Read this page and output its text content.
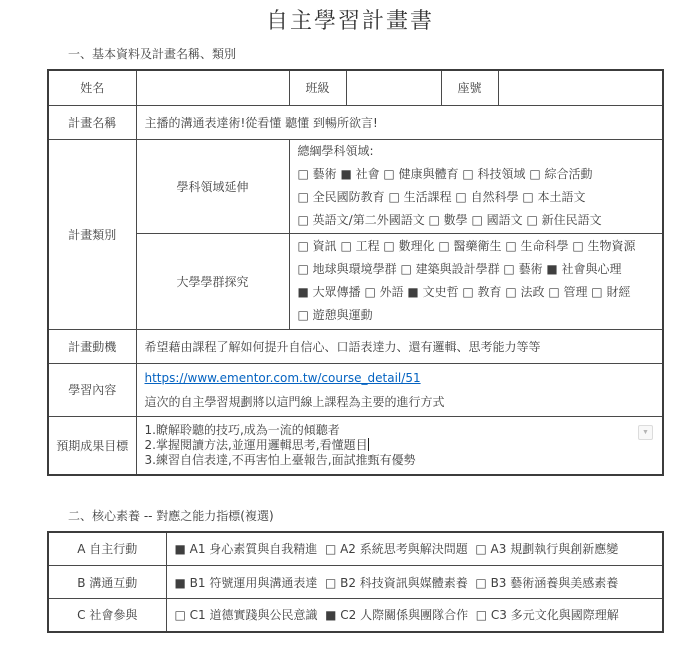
自主學習計畫書
一、基本資料及計畫名稱、類別
姓名		班級		座號	
計畫名稱	主播的溝通表達術!從看懂 聽懂 到暢所欲言!				
計畫類別	學科領域延伸	總綱學科領域:

□ 藝術 ■ 社會 □ 健康與體育 □ 科技領域 □ 綜合活動

□ 全民國防教育 □ 生活課程 □ 自然科學 □ 本土語文

□ 英語文/第二外國語文 □ 數學 □ 國語文 □ 新住民語文			

	大學學群探究	□ 資訊 □ 工程 □ 數理化 □ 醫藥衛生 □ 生命科學 □ 生物資源

□ 地球與環境學群 □ 建築與設計學群 □ 藝術 ■ 社會與心理

■ 大眾傳播 □ 外語 ■ 文史哲 □ 教育 □ 法政 □ 管理 □ 財經

□ 遊憩與運動			

計畫動機	希望藉由課程了解如何提升自信心、口語表達力、還有邏輯、思考能力等等				
學習內容	https://www.ementor.com.tw/course_detail/51

這次的自主學習規劃將以這門線上課程為主要的進行方式				

預期成果目標	1.瞭解聆聽的技巧,成為一流的傾聽者

2.掌握閱讀方法,並運用邏輯思考,看懂題目

3.練習自信表達,不再害怕上臺報告,面試推甄有優勢

▼				
二、核心素養 -- 對應之能力指標(複選)
A 自主行動	■ A1 身心素質與自我精進  □ A2 系統思考與解決問題  □ A3 規劃執行與創新應變
B 溝通互動	■ B1 符號運用與溝通表達  □ B2 科技資訊與媒體素養  □ B3 藝術涵養與美感素養
C 社會參與	□ C1 道德實踐與公民意識  ■ C2 人際關係與團隊合作  □ C3 多元文化與國際理解
